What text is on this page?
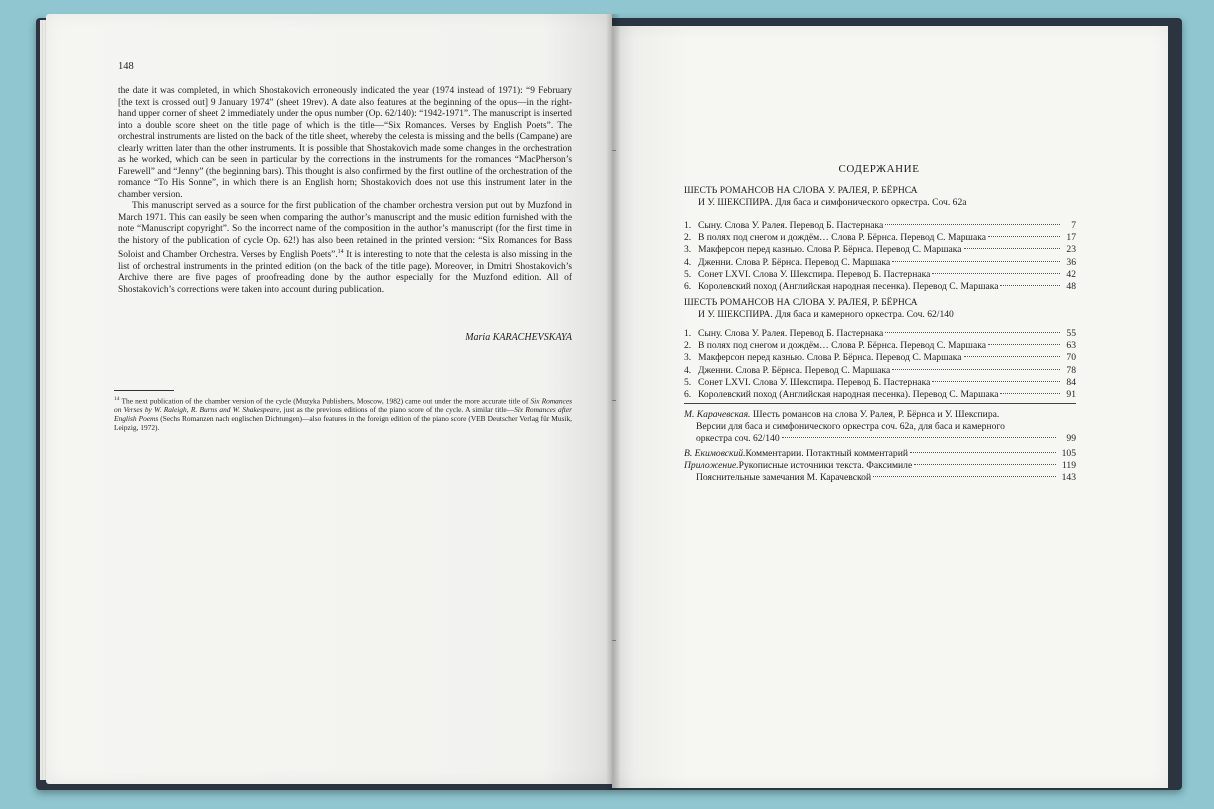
148

the date it was completed, in which Shostakovich erroneously indicated the year (1974 instead of 1971): “9 February [the text is crossed out] 9 January 1974” (sheet 19rev). A date also features at the beginning of the opus—in the right-hand upper corner of sheet 2 immediately under the opus number (Op. 62/140): “1942-1971”. The manuscript is inserted into a double score sheet on the title page of which is the title—“Six Romances. Verses by English Poets”. The orchestral instruments are listed on the back of the title sheet, whereby the celesta is missing and the bells (Campane) are clearly written later than the other instruments. It is possible that Shostakovich made some changes in the orchestration as he worked, which can be seen in particular by the corrections in the instruments for the romances “MacPherson’s Farewell” and “Jenny” (the beginning bars). This thought is also confirmed by the first outline of the orchestration of the romance “To His Sonne”, in which there is an English horn; Shostakovich does not use this instrument later in the chamber version.

This manuscript served as a source for the first publication of the chamber orchestra version put out by Muzfond in March 1971. This can easily be seen when comparing the author’s manuscript and the music edition furnished with the note “Manuscript copyright”. So the incorrect name of the composition in the author’s manuscript (for the first time in the history of the publication of cycle Op. 62!) has also been retained in the printed version: “Six Romances for Bass Soloist and Chamber Orchestra. Verses by English Poets”.$^{14}$ It is interesting to note that the celesta is also missing in the list of orchestral instruments in the printed edition (on the back of the title page). Moreover, in Dmitri Shostakovich’s Archive there are five pages of proofreading done by the author especially for the Muzfond edition. All of Shostakovich’s corrections were taken into account during publication.

Maria KARACHEVSKAYA
$^{14}$ The next publication of the chamber version of the cycle (Muzyka Publishers, Moscow, 1982) came out under the more accurate title of Six Romances on Verses by W. Raleigh, R. Burns and W. Shakespeare, just as the previous editions of the piano score of the cycle. A similar title—Six Romances after English Poems (Sechs Romanzen nach englischen Dichtungen)—also features in the foreign edition of the piano score (VEB Deutscher Verlag für Musik, Leipzig, 1972).
СОДЕРЖАНИЕ
ШЕСТЬ РОМАНСОВ НА СЛОВА У. РАЛЕЯ, Р. БЁРНСА
И У. ШЕКСПИРА. Для баса и симфонического оркестра. Соч. 62а
1. Сыну. Слова У. Ралея. Перевод Б. Пастернака	7
2. В полях под снегом и дождём… Слова Р. Бёрнса. Перевод С. Маршака	17
3. Макферсон перед казнью. Слова Р. Бёрнса. Перевод С. Маршака	23
4. Дженни. Слова Р. Бёрнса. Перевод С. Маршака	36
5. Сонет LXVI. Слова У. Шекспира. Перевод Б. Пастернака	42
6. Королевский поход (Английская народная песенка). Перевод С. Маршака	48
ШЕСТЬ РОМАНСОВ НА СЛОВА У. РАЛЕЯ, Р. БЁРНСА
И У. ШЕКСПИРА. Для баса и камерного оркестра. Соч. 62/140
1. Сыну. Слова У. Ралея. Перевод Б. Пастернака	55
2. В полях под снегом и дождём… Слова Р. Бёрнса. Перевод С. Маршака	63
3. Макферсон перед казнью. Слова Р. Бёрнса. Перевод С. Маршака	70
4. Дженни. Слова Р. Бёрнса. Перевод С. Маршака	78
5. Сонет LXVI. Слова У. Шекспира. Перевод Б. Пастернака	84
6. Королевский поход (Английская народная песенка). Перевод С. Маршака	91
М. Карачевская. Шесть романсов на слова У. Ралея, Р. Бёрнса и У. Шекспира.
Версии для баса и симфонического оркестра соч. 62а, для баса и камерного
оркестра соч. 62/140	99
В. Екимовский. Комментарии. Потактный комментарий	105
Приложение. Рукописные источники текста. Факсимиле	119
Пояснительные замечания М. Карачевской	143
